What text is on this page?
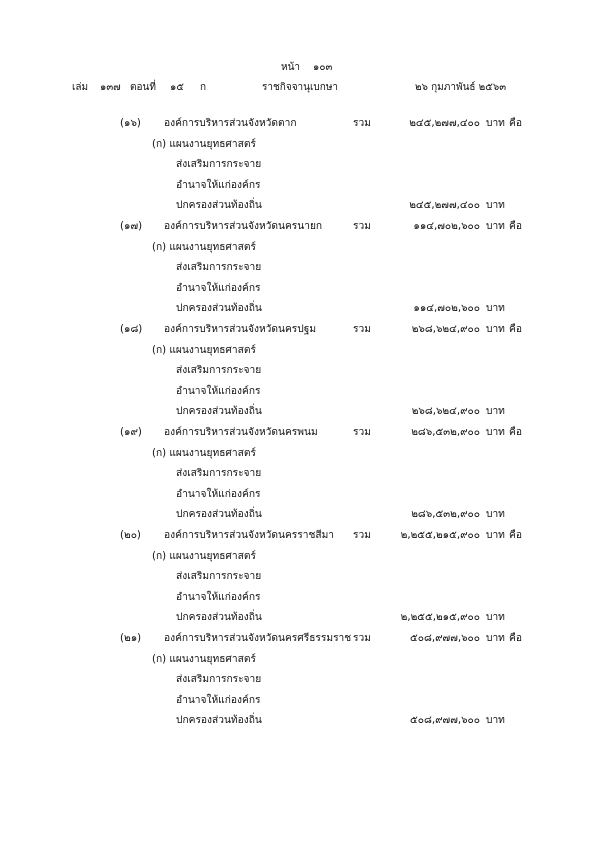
หน้า ๑๐๓
เล่ม ๑๓๗ ตอนที่ ๑๕ ก	ราชกิจจานุเบกษา	๒๖ กุมภาพันธ์ ๒๕๖๓
(๑๖) องค์การบริหารส่วนจังหวัดตาก	รวม	๒๔๕,๒๗๗,๔๐๐ บาท คือ
(ก) แผนงานยุทธศาสตร์
ส่งเสริมการกระจาย
อำนาจให้แก่องค์กร
ปกครองส่วนท้องถิ่น	๒๔๕,๒๗๗,๔๐๐ บาท
(๑๗) องค์การบริหารส่วนจังหวัดนครนายก	รวม	๑๑๔,๗๐๒,๖๐๐ บาท คือ
(ก) แผนงานยุทธศาสตร์
ส่งเสริมการกระจาย
อำนาจให้แก่องค์กร
ปกครองส่วนท้องถิ่น	๑๑๔,๗๐๒,๖๐๐ บาท
(๑๘) องค์การบริหารส่วนจังหวัดนครปฐม	รวม	๒๖๘,๖๒๔,๙๐๐ บาท คือ
(ก) แผนงานยุทธศาสตร์
ส่งเสริมการกระจาย
อำนาจให้แก่องค์กร
ปกครองส่วนท้องถิ่น	๒๖๘,๖๒๔,๙๐๐ บาท
(๑๙) องค์การบริหารส่วนจังหวัดนครพนม	รวม	๒๘๖,๕๓๒,๙๐๐ บาท คือ
(ก) แผนงานยุทธศาสตร์
ส่งเสริมการกระจาย
อำนาจให้แก่องค์กร
ปกครองส่วนท้องถิ่น	๒๘๖,๕๓๒,๙๐๐ บาท
(๒๐) องค์การบริหารส่วนจังหวัดนครราชสีมา รวม	๒,๒๕๕,๒๑๕,๙๐๐ บาท คือ
(ก) แผนงานยุทธศาสตร์
ส่งเสริมการกระจาย
อำนาจให้แก่องค์กร
ปกครองส่วนท้องถิ่น	๒,๒๕๕,๒๑๕,๙๐๐ บาท
(๒๑) องค์การบริหารส่วนจังหวัดนครศรีธรรมราช รวม	๕๐๘,๙๗๗,๖๐๐ บาท คือ
(ก) แผนงานยุทธศาสตร์
ส่งเสริมการกระจาย
อำนาจให้แก่องค์กร
ปกครองส่วนท้องถิ่น	๕๐๘,๙๗๗,๖๐๐ บาท
